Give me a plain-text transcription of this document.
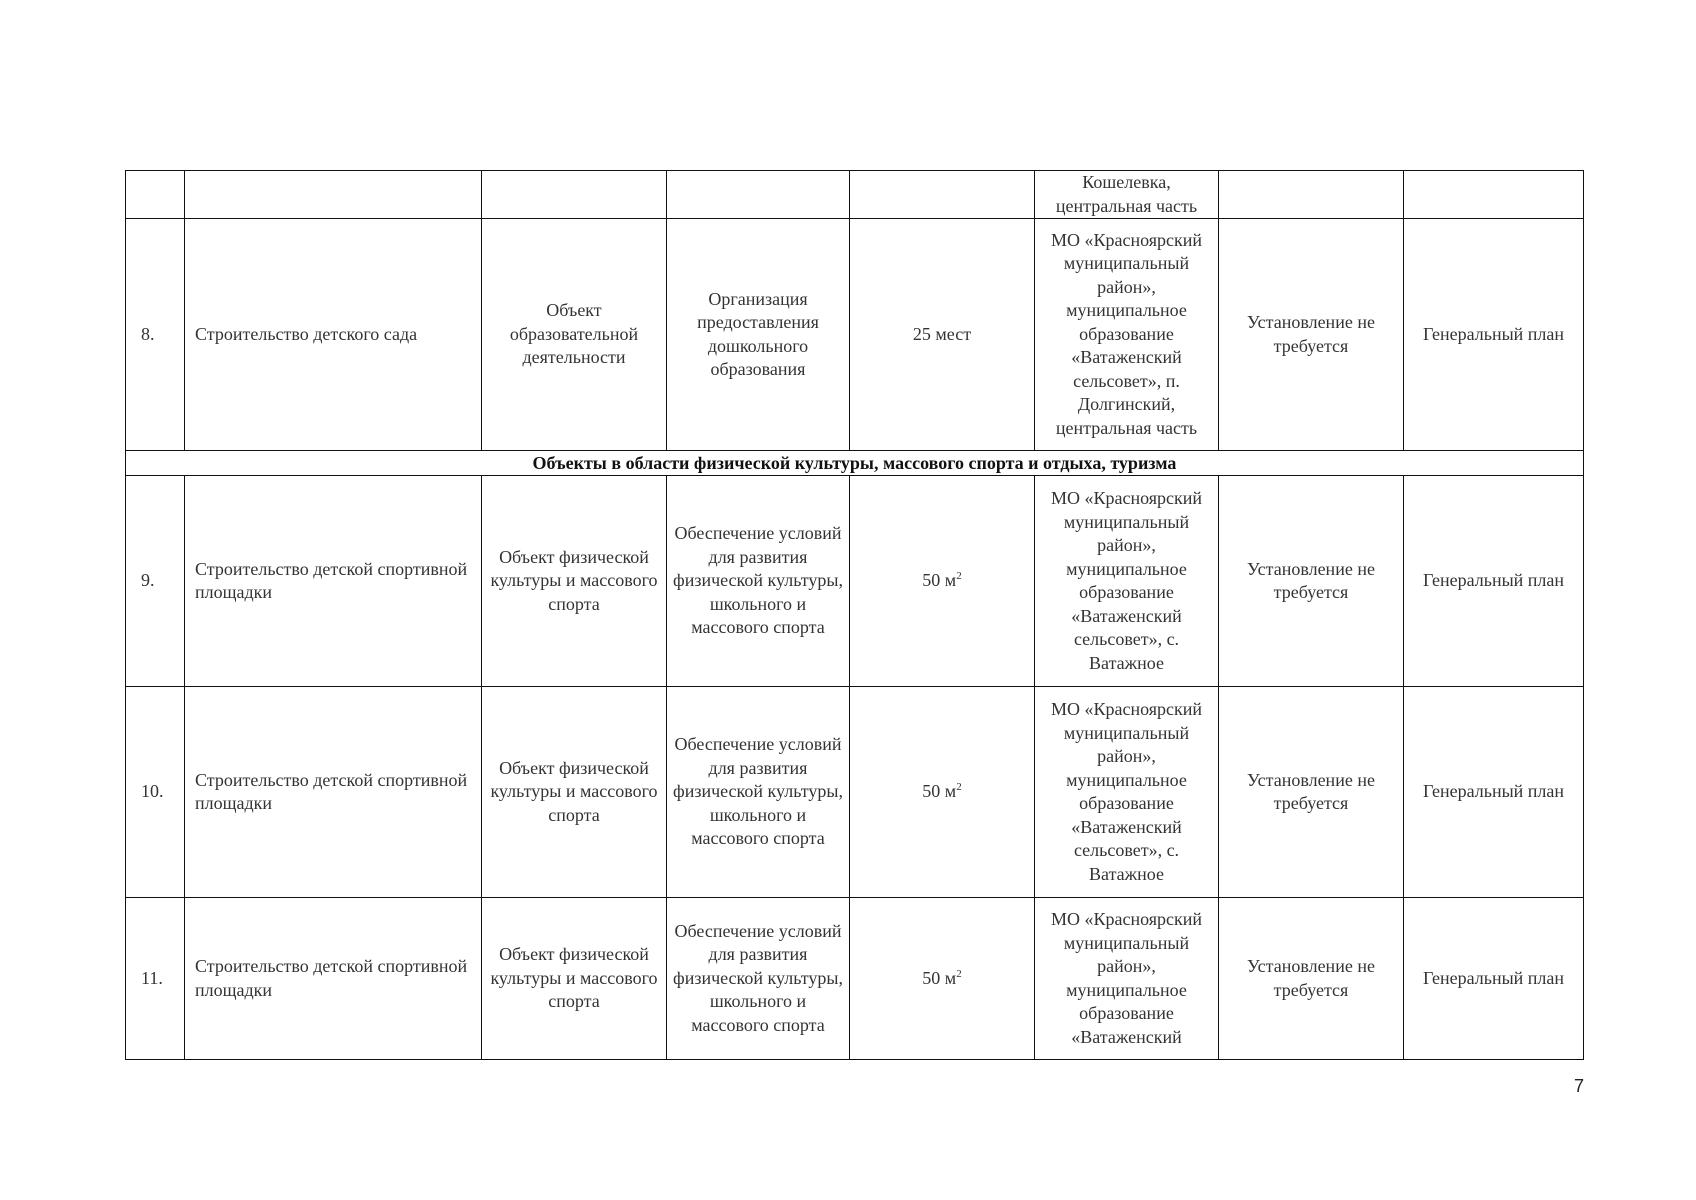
					Кошелевка, центральная часть		

8.	Строительство детского сада	Объект образовательной деятельности	Организация предоставления дошкольного образования	25 мест	МО «Красноярский муниципальный район», муниципальное образование «Ватаженский сельсовет», п. Долгинский, центральная часть	Установление не требуется	Генеральный план
Объекты в области физической культуры, массового спорта и отдыха, туризма							
9.	Строительство детской спортивной площадки	Объект физической культуры и массового спорта	Обеспечение условий для развития физической культуры, школьного и массового спорта	50 $м^2$	МО «Красноярский муниципальный район», муниципальное образование «Ватаженский сельсовет», с. Ватажное	Установление не требуется	Генеральный план
10.	Строительство детской спортивной площадки	Объект физической культуры и массового спорта	Обеспечение условий для развития физической культуры, школьного и массового спорта	50 $м^2$	МО «Красноярский муниципальный район», муниципальное образование «Ватаженский сельсовет», с. Ватажное	Установление не требуется	Генеральный план
11.	Строительство детской спортивной площадки	Объект физической культуры и массового спорта	Обеспечение условий для развития физической культуры, школьного и массового спорта	50 $м^2$	МО «Красноярский муниципальный район», муниципальное образование «Ватаженский	Установление не требуется	Генеральный план
7
